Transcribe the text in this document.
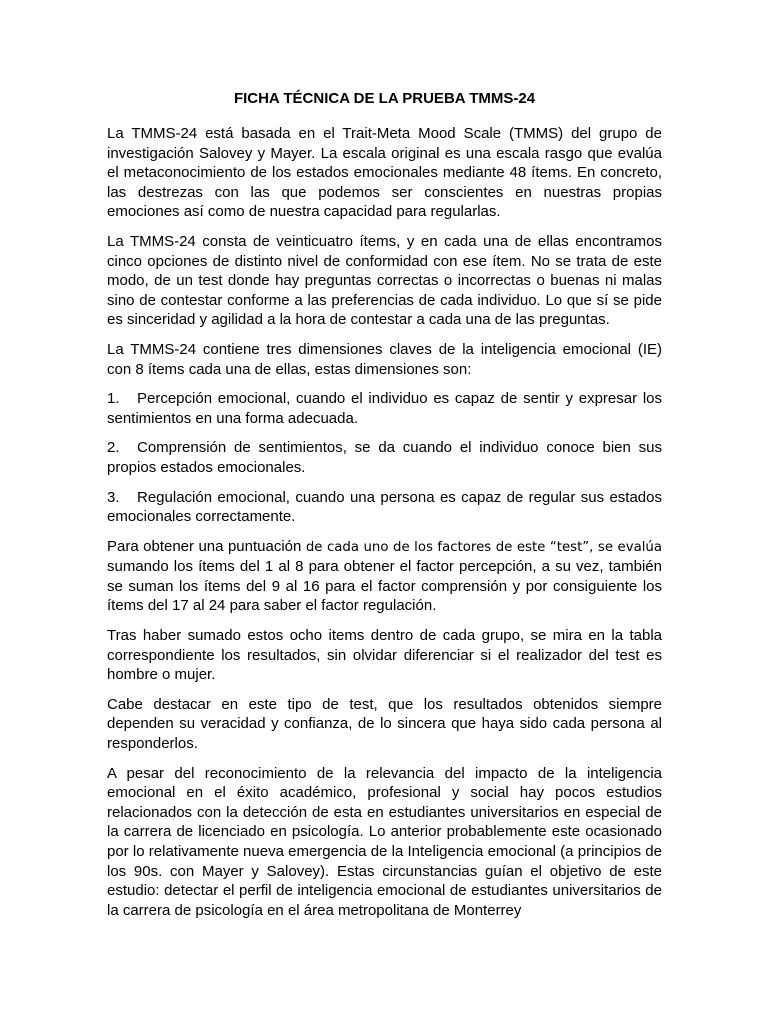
FICHA TÉCNICA DE LA PRUEBA TMMS-24
La TMMS-24 está basada en el Trait-Meta Mood Scale (TMMS) del grupo de investigación Salovey y Mayer. La escala original es una escala rasgo que evalúa el metaconocimiento de los estados emocionales mediante 48 ítems. En concreto, las destrezas con las que podemos ser conscientes en nuestras propias emociones así como de nuestra capacidad para regularlas.
La TMMS-24 consta de veinticuatro ítems, y en cada una de ellas encontramos cinco opciones de distinto nivel de conformidad con ese ítem. No se trata de este modo, de un test donde hay preguntas correctas o incorrectas o buenas ni malas sino de contestar conforme a las preferencias de cada individuo. Lo que sí se pide es sinceridad y agilidad a la hora de contestar a cada una de las preguntas.
La TMMS-24 contiene tres dimensiones claves de la inteligencia emocional (IE) con 8 ítems cada una de ellas, estas dimensiones son:
1. Percepción emocional, cuando el individuo es capaz de sentir y expresar los sentimientos en una forma adecuada.
2. Comprensión de sentimientos, se da cuando el individuo conoce bien sus propios estados emocionales.
3. Regulación emocional, cuando una persona es capaz de regular sus estados emocionales correctamente.
Para obtener una puntuación de cada uno de los factores de este “test”, se evalúa sumando los ítems del 1 al 8 para obtener el factor percepción, a su vez, también se suman los ítems del 9 al 16 para el factor comprensión y por consiguiente los ítems del 17 al 24 para saber el factor regulación.
Tras haber sumado estos ocho items dentro de cada grupo, se mira en la tabla correspondiente los resultados, sin olvidar diferenciar si el realizador del test es hombre o mujer.
Cabe destacar en este tipo de test, que los resultados obtenidos siempre dependen su veracidad y confianza, de lo sincera que haya sido cada persona al responderlos.
A pesar del reconocimiento de la relevancia del impacto de la inteligencia emocional en el éxito académico, profesional y social hay pocos estudios relacionados con la detección de esta en estudiantes universitarios en especial de la carrera de licenciado en psicología. Lo anterior probablemente este ocasionado por lo relativamente nueva emergencia de la Inteligencia emocional (a principios de los 90s. con Mayer y Salovey). Estas circunstancias guían el objetivo de este estudio: detectar el perfil de inteligencia emocional de estudiantes universitarios de la carrera de psicología en el área metropolitana de Monterrey
